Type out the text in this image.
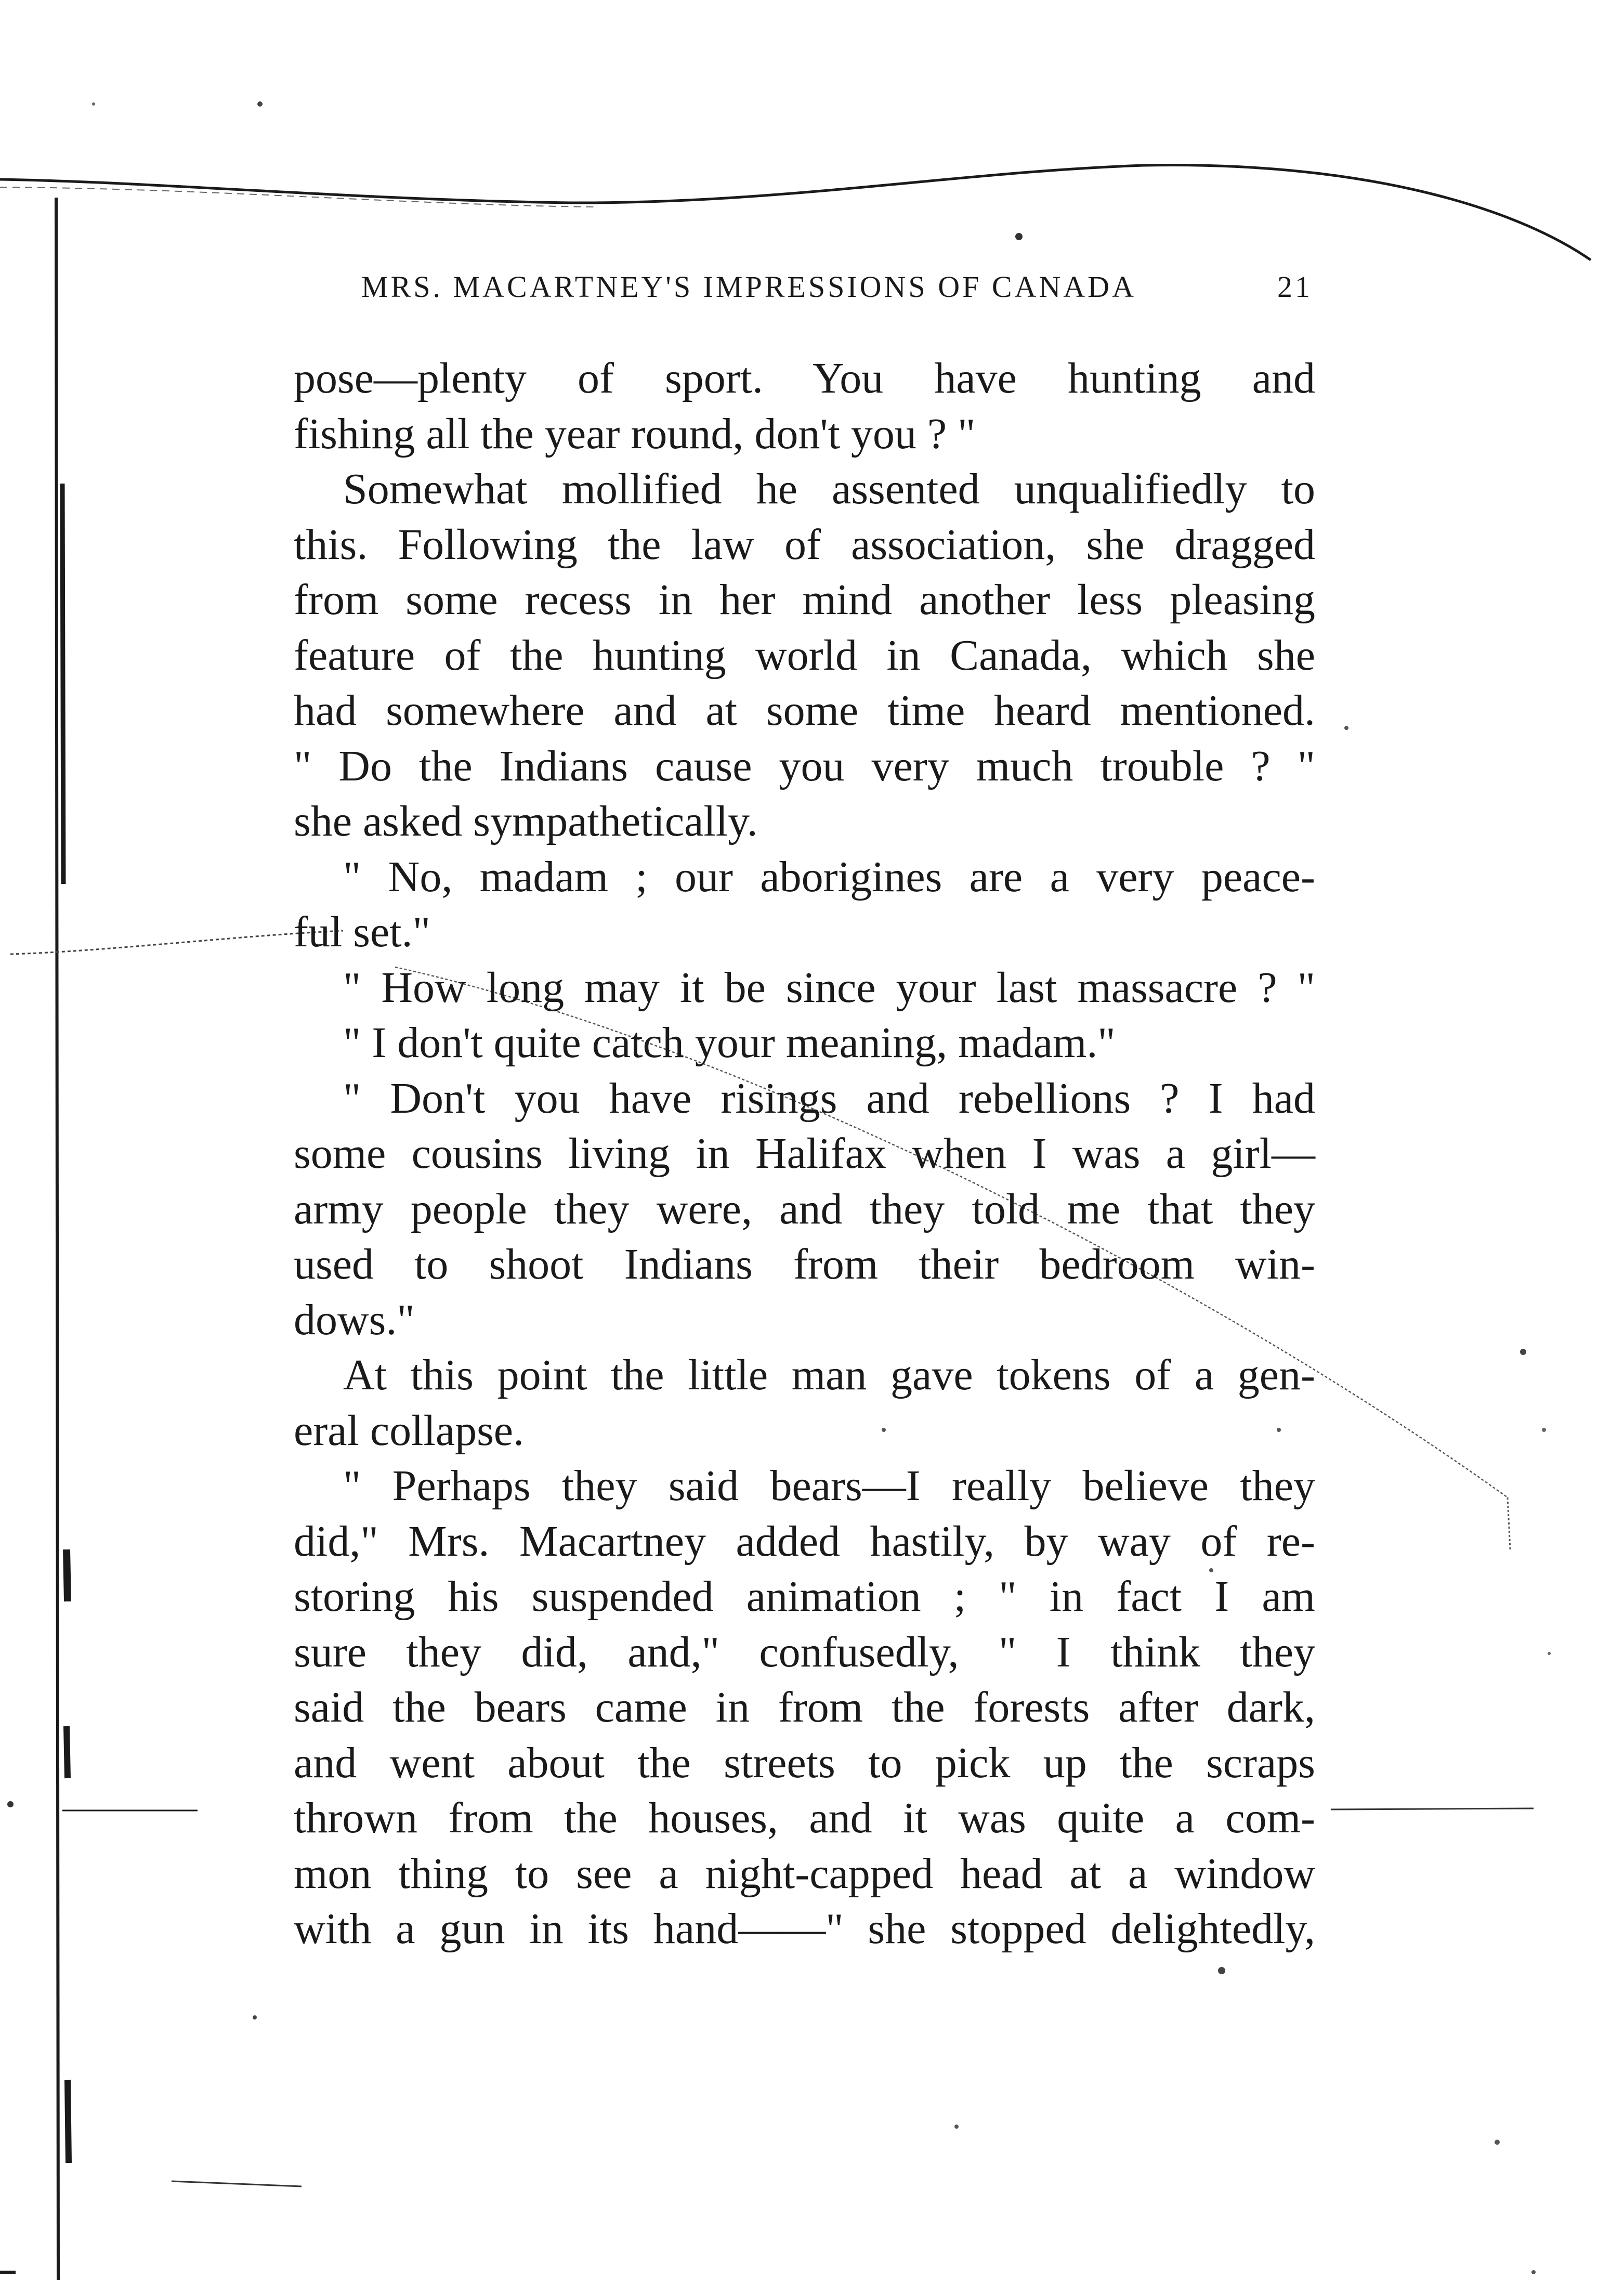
MRS. MACARTNEY'S IMPRESSIONS OF CANADA	21
pose—plenty of sport. You have hunting and
fishing all the year round, don't you ? "
Somewhat mollified he assented unqualifiedly to
this. Following the law of association, she dragged
from some recess in her mind another less pleasing
feature of the hunting world in Canada, which she
had somewhere and at some time heard mentioned.
" Do the Indians cause you very much trouble ? "
she asked sympathetically.
" No, madam ; our aborigines are a very peace-
ful set."
" How long may it be since your last massacre ? "
" I don't quite catch your meaning, madam."
" Don't you have risings and rebellions ? I had
some cousins living in Halifax when I was a girl—
army people they were, and they told me that they
used to shoot Indians from their bedroom win-
dows."
At this point the little man gave tokens of a gen-
eral collapse.
" Perhaps they said bears—I really believe they
did," Mrs. Macartney added hastily, by way of re-
storing his suspended animation ; " in fact I am
sure they did, and," confusedly, " I think they
said the bears came in from the forests after dark,
and went about the streets to pick up the scraps
thrown from the houses, and it was quite a com-
mon thing to see a night-capped head at a window
with a gun in its hand——" she stopped delightedly,
